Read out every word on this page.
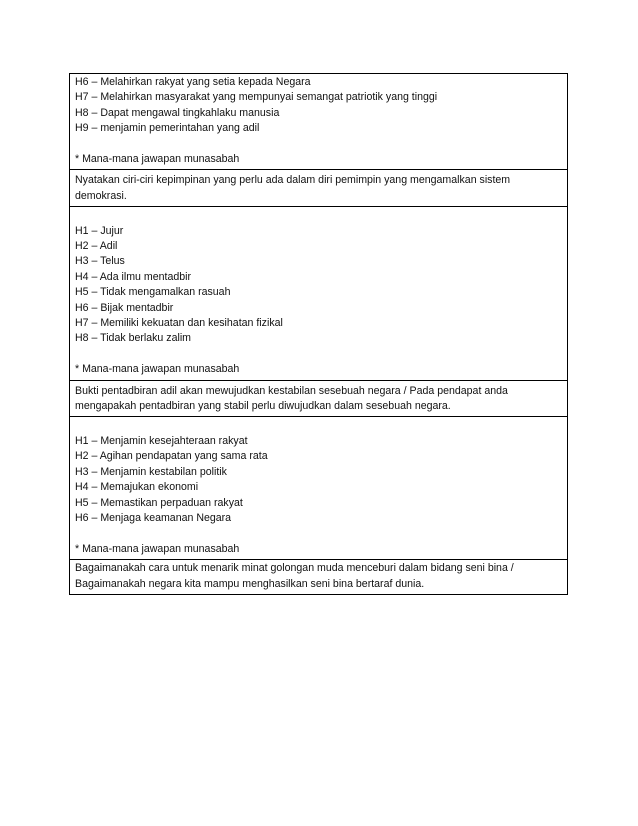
H6 – Melahirkan rakyat yang setia kepada Negara
H7 – Melahirkan masyarakat yang mempunyai semangat patriotik yang tinggi
H8 – Dapat mengawal tingkahlaku manusia
H9 – menjamin pemerintahan yang adil
* Mana-mana jawapan munasabah

Nyatakan ciri-ciri kepimpinan yang perlu ada dalam diri pemimpin yang mengamalkan sistem demokrasi.

H1 – Jujur
H2 – Adil
H3 – Telus
H4 – Ada ilmu mentadbir
H5 – Tidak mengamalkan rasuah
H6 – Bijak mentadbir
H7 – Memiliki kekuatan dan kesihatan fizikal
H8 – Tidak berlaku zalim
* Mana-mana jawapan munasabah

Bukti pentadbiran adil akan mewujudkan kestabilan sesebuah negara / Pada pendapat anda mengapakah pentadbiran yang stabil perlu diwujudkan dalam sesebuah negara.

H1 – Menjamin kesejahteraan rakyat
H2 – Agihan pendapatan yang sama rata
H3 – Menjamin kestabilan politik
H4 – Memajukan ekonomi
H5 – Memastikan perpaduan rakyat
H6 – Menjaga keamanan Negara
* Mana-mana jawapan munasabah

Bagaimanakah cara untuk menarik minat golongan muda menceburi dalam bidang seni bina / Bagaimanakah negara kita mampu menghasilkan seni bina bertaraf dunia.
